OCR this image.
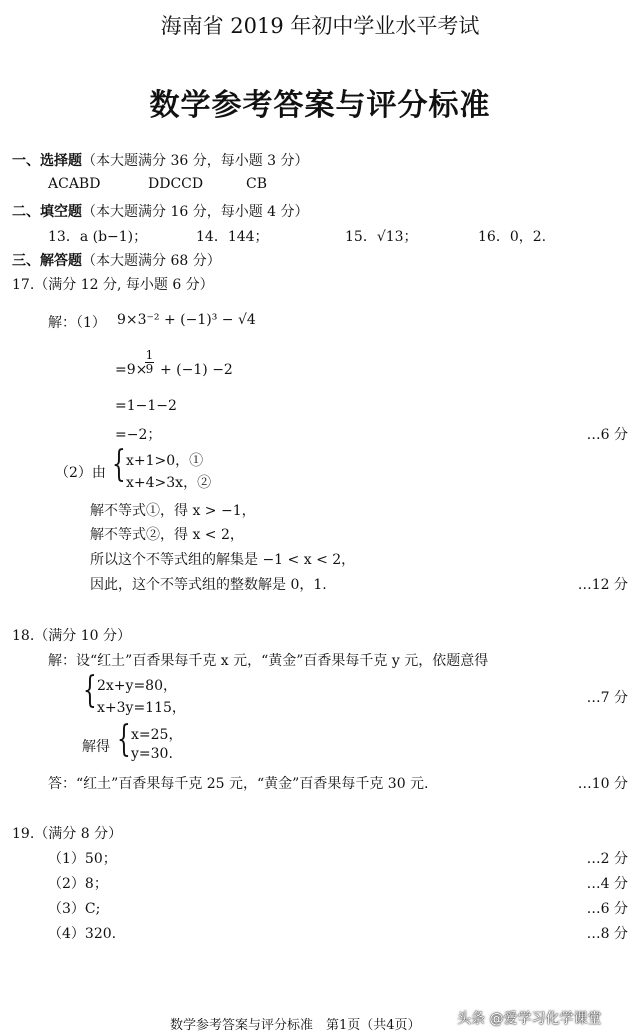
海南省 2019 年初中学业水平考试
数学参考答案与评分标准
一、选择题（本大题满分 36 分，每小题 3 分）
ACABD	DDCCD	CB
二、填空题（本大题满分 16 分，每小题 4 分）
13．a (b−1)；	14．144；	15．√13；	16．0，2.
三、解答题（本大题满分 68 分）
17.（满分 12 分, 每小题 6 分）
解：（1） 9×3⁻² + (−1)³ − √4
=9×
1
9 + (−1) −2
=1−1−2
=−2；	…6 分
（2）由 { x+1>0，①
x+4>3x，②
解不等式①，得 x > −1，
解不等式②，得 x < 2，
所以这个不等式组的解集是 −1 < x < 2，
因此，这个不等式组的整数解是 0，1.	…12 分
18.（满分 10 分）
解：设“红土”百香果每千克 x 元，“黄金”百香果每千克 y 元，依题意得
{ 2x+y=80，
x+3y=115，
…7 分
解得 { x=25，
y=30.
答：“红土”百香果每千克 25 元，“黄金”百香果每千克 30 元.	…10 分
19.（满分 8 分）
（1）50；	…2 分
（2）8；	…4 分
（3）C;	…6 分
（4）320.	…8 分
数学参考答案与评分标准　第1页（共4页）	头条 @爱学习化学课堂
